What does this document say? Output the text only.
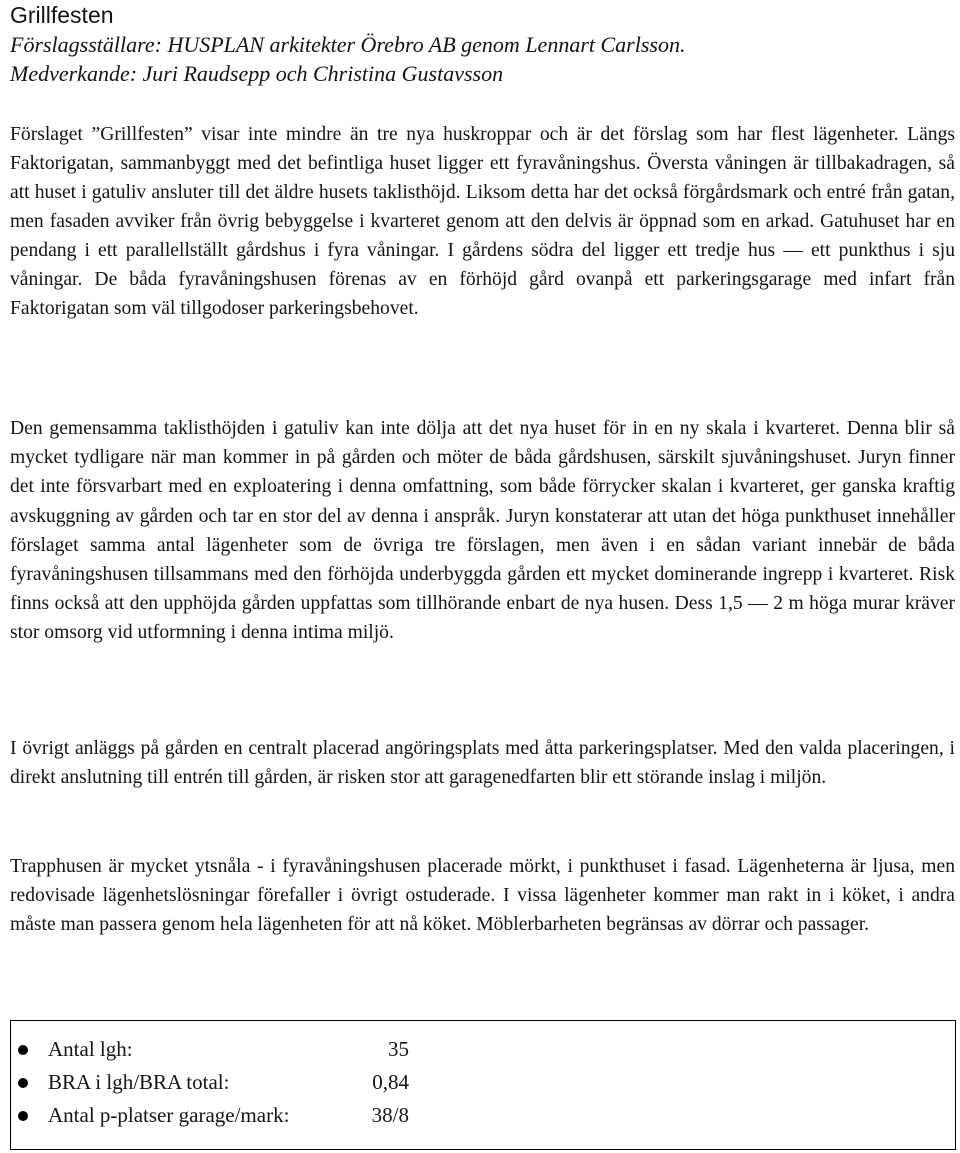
Grillfesten
Förslagsställare: HUSPLAN arkitekter Örebro AB genom Lennart Carlsson.
Medverkande: Juri Raudsepp och Christina Gustavsson

Förslaget ”Grillfesten” visar inte mindre än tre nya huskroppar och är det förslag som har flest lägenheter. Längs Faktorigatan, sammanbyggt med det befintliga huset ligger ett fyravåningshus. Översta våningen är tillbakadragen, så att huset i gatuliv ansluter till det äldre husets taklisthöjd. Liksom detta har det också förgårdsmark och entré från gatan, men fasaden avviker från övrig bebyggelse i kvarteret genom att den delvis är öppnad som en arkad. Gatuhuset har en pendang i ett parallellställt gårdshus i fyra våningar. I gårdens södra del ligger ett tredje hus — ett punkthus i sju våningar. De båda fyravåningshusen förenas av en förhöjd gård ovanpå ett parkeringsgarage med infart från Faktorigatan som väl tillgodoser parkeringsbehovet.

Den gemensamma taklisthöjden i gatuliv kan inte dölja att det nya huset för in en ny skala i kvarteret. Denna blir så mycket tydligare när man kommer in på gården och möter de båda gårdshusen, särskilt sjuvåningshuset. Juryn finner det inte försvarbart med en exploatering i denna omfattning, som både förrycker skalan i kvarteret, ger ganska kraftig avskuggning av gården och tar en stor del av denna i anspråk. Juryn konstaterar att utan det höga punkthuset innehåller förslaget samma antal lägenheter som de övriga tre förslagen, men även i en sådan variant innebär de båda fyravåningshusen tillsammans med den förhöjda underbyggda gården ett mycket dominerande ingrepp i kvarteret. Risk finns också att den upphöjda gården uppfattas som tillhörande enbart de nya husen. Dess 1,5 — 2 m höga murar kräver stor omsorg vid utformning i denna intima miljö.

I övrigt anläggs på gården en centralt placerad angöringsplats med åtta parkeringsplatser. Med den valda placeringen, i direkt anslutning till entrén till gården, är risken stor att garagenedfarten blir ett störande inslag i miljön.

Trapphusen är mycket ytsnåla - i fyravåningshusen placerade mörkt, i punkthuset i fasad. Lägenheterna är ljusa, men redovisade lägenhetslösningar förefaller i övrigt ostuderade. I vissa lägenheter kommer man rakt in i köket, i andra måste man passera genom hela lägenheten för att nå köket. Möblerbarheten begränsas av dörrar och passager.

Antal lgh:	35
BRA i lgh/BRA total:	0,84
Antal p-platser garage/mark:	38/8
